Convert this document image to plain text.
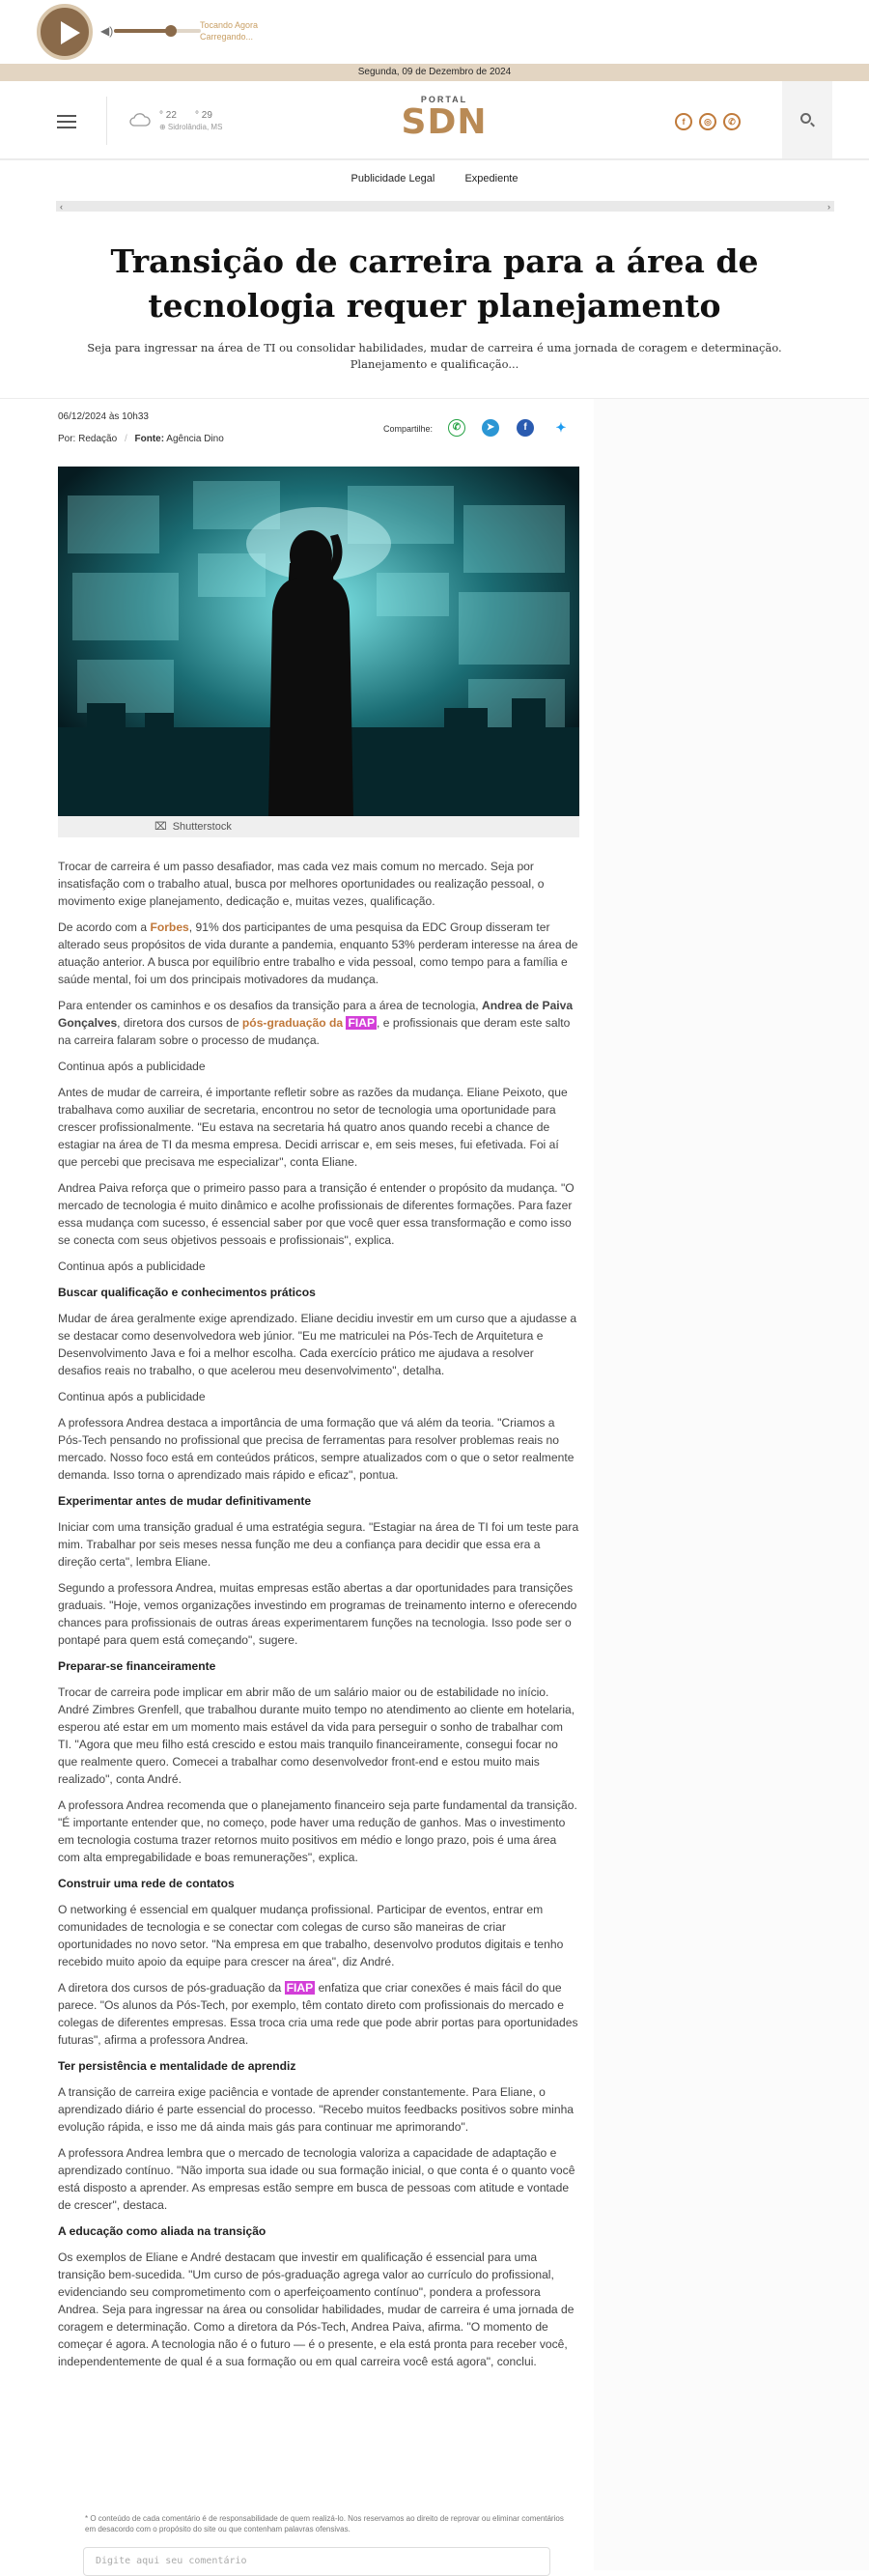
◀)	Tocando Agora
Carregando...
Segunda, 09 de Dezembro de 2024
° 22 ° 29
⊕ Sidrolândia, MS
PORTAL
SDN	f	◎	✆
Publicidade Legal	Expediente
‹	›
Transição de carreira para a área de tecnologia requer planejamento
Seja para ingressar na área de TI ou consolidar habilidades, mudar de carreira é uma jornada de coragem e determinação. Planejamento e qualificação...
06/12/2024 às 10h33
Por: Redação / Fonte: Agência Dino
Compartilhe:	✆	➤	f	✦
⌧ Shutterstock

Trocar de carreira é um passo desafiador, mas cada vez mais comum no mercado. Seja por insatisfação com o trabalho atual, busca por melhores oportunidades ou realização pessoal, o movimento exige planejamento, dedicação e, muitas vezes, qualificação.

De acordo com a Forbes, 91% dos participantes de uma pesquisa da EDC Group disseram ter alterado seus propósitos de vida durante a pandemia, enquanto 53% perderam interesse na área de atuação anterior. A busca por equilíbrio entre trabalho e vida pessoal, como tempo para a família e saúde mental, foi um dos principais motivadores da mudança.

Para entender os caminhos e os desafios da transição para a área de tecnologia, Andrea de Paiva Gonçalves, diretora dos cursos de pós-graduação da FIAP , e profissionais que deram este salto na carreira falaram sobre o processo de mudança.

Continua após a publicidade

Antes de mudar de carreira, é importante refletir sobre as razões da mudança. Eliane Peixoto, que trabalhava como auxiliar de secretaria, encontrou no setor de tecnologia uma oportunidade para crescer profissionalmente. "Eu estava na secretaria há quatro anos quando recebi a chance de estagiar na área de TI da mesma empresa. Decidi arriscar e, em seis meses, fui efetivada. Foi aí que percebi que precisava me especializar", conta Eliane.

Andrea Paiva reforça que o primeiro passo para a transição é entender o propósito da mudança. "O mercado de tecnologia é muito dinâmico e acolhe profissionais de diferentes formações. Para fazer essa mudança com sucesso, é essencial saber por que você quer essa transformação e como isso se conecta com seus objetivos pessoais e profissionais", explica.

Continua após a publicidade

Buscar qualificação e conhecimentos práticos

Mudar de área geralmente exige aprendizado. Eliane decidiu investir em um curso que a ajudasse a se destacar como desenvolvedora web júnior. "Eu me matriculei na Pós-Tech de Arquitetura e Desenvolvimento Java e foi a melhor escolha. Cada exercício prático me ajudava a resolver desafios reais no trabalho, o que acelerou meu desenvolvimento", detalha.

Continua após a publicidade

A professora Andrea destaca a importância de uma formação que vá além da teoria. "Criamos a Pós-Tech pensando no profissional que precisa de ferramentas para resolver problemas reais no mercado. Nosso foco está em conteúdos práticos, sempre atualizados com o que o setor realmente demanda. Isso torna o aprendizado mais rápido e eficaz", pontua.

Experimentar antes de mudar definitivamente

Iniciar com uma transição gradual é uma estratégia segura. "Estagiar na área de TI foi um teste para mim. Trabalhar por seis meses nessa função me deu a confiança para decidir que essa era a direção certa", lembra Eliane.

Segundo a professora Andrea, muitas empresas estão abertas a dar oportunidades para transições graduais. "Hoje, vemos organizações investindo em programas de treinamento interno e oferecendo chances para profissionais de outras áreas experimentarem funções na tecnologia. Isso pode ser o pontapé para quem está começando", sugere.

Preparar-se financeiramente

Trocar de carreira pode implicar em abrir mão de um salário maior ou de estabilidade no início. André Zimbres Grenfell, que trabalhou durante muito tempo no atendimento ao cliente em hotelaria, esperou até estar em um momento mais estável da vida para perseguir o sonho de trabalhar com TI. "Agora que meu filho está crescido e estou mais tranquilo financeiramente, consegui focar no que realmente quero. Comecei a trabalhar como desenvolvedor front-end e estou muito mais realizado", conta André.

A professora Andrea recomenda que o planejamento financeiro seja parte fundamental da transição. "É importante entender que, no começo, pode haver uma redução de ganhos. Mas o investimento em tecnologia costuma trazer retornos muito positivos em médio e longo prazo, pois é uma área com alta empregabilidade e boas remunerações", explica.

Construir uma rede de contatos

O networking é essencial em qualquer mudança profissional. Participar de eventos, entrar em comunidades de tecnologia e se conectar com colegas de curso são maneiras de criar oportunidades no novo setor. "Na empresa em que trabalho, desenvolvo produtos digitais e tenho recebido muito apoio da equipe para crescer na área", diz André.

A diretora dos cursos de pós-graduação da FIAP enfatiza que criar conexões é mais fácil do que parece. "Os alunos da Pós-Tech, por exemplo, têm contato direto com profissionais do mercado e colegas de diferentes empresas. Essa troca cria uma rede que pode abrir portas para oportunidades futuras", afirma a professora Andrea.

Ter persistência e mentalidade de aprendiz

A transição de carreira exige paciência e vontade de aprender constantemente. Para Eliane, o aprendizado diário é parte essencial do processo. "Recebo muitos feedbacks positivos sobre minha evolução rápida, e isso me dá ainda mais gás para continuar me aprimorando".

A professora Andrea lembra que o mercado de tecnologia valoriza a capacidade de adaptação e aprendizado contínuo. "Não importa sua idade ou sua formação inicial, o que conta é o quanto você está disposto a aprender. As empresas estão sempre em busca de pessoas com atitude e vontade de crescer", destaca.

A educação como aliada na transição

Os exemplos de Eliane e André destacam que investir em qualificação é essencial para uma transição bem-sucedida. "Um curso de pós-graduação agrega valor ao currículo do profissional, evidenciando seu comprometimento com o aperfeiçoamento contínuo", pondera a professora Andrea. Seja para ingressar na área ou consolidar habilidades, mudar de carreira é uma jornada de coragem e determinação. Como a diretora da Pós-Tech, Andrea Paiva, afirma. "O momento de começar é agora. A tecnologia não é o futuro — é o presente, e ela está pronta para receber você, independentemente de qual é a sua formação ou em qual carreira você está agora", conclui.

* O conteúdo de cada comentário é de responsabilidade de quem realizá-lo. Nos reservamos ao direito de reprovar ou eliminar comentários em desacordo com o propósito do site ou que contenham palavras ofensivas.
Digite aqui seu comentário
